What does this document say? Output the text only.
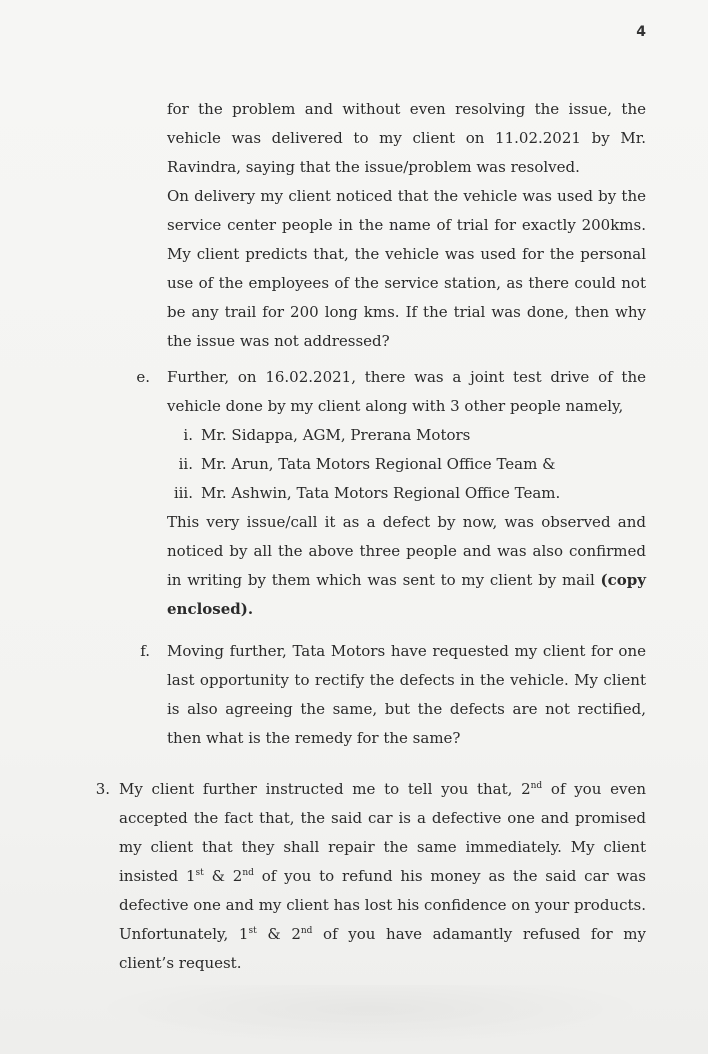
4
for the problem and without even resolving the issue, the
vehicle was delivered to my client on 11.02.2021 by Mr.
Ravindra, saying that the issue/problem was resolved.
On delivery my client noticed that the vehicle was used by the
service center people in the name of trial for exactly 200kms.
My client predicts that, the vehicle was used for the personal
use of the employees of the service station, as there could not
be any trail for 200 long kms. If the trial was done, then why
the issue was not addressed?
e. Further, on 16.02.2021, there was a joint test drive of the
vehicle done by my client along with 3 other people namely,
i. Mr. Sidappa, AGM, Prerana Motors
ii. Mr. Arun, Tata Motors Regional Office Team &
iii. Mr. Ashwin, Tata Motors Regional Office Team.
This very issue/call it as a defect by now, was observed and
noticed by all the above three people and was also confirmed
in writing by them which was sent to my client by mail (copy
enclosed).
f. Moving further, Tata Motors have requested my client for one
last opportunity to rectify the defects in the vehicle. My client
is also agreeing the same, but the defects are not rectified,
then what is the remedy for the same?
3. My client further instructed me to tell you that, 2nd of you even
accepted the fact that, the said car is a defective one and promised
my client that they shall repair the same immediately. My client
insisted 1st & 2nd of you to refund his money as the said car was
defective one and my client has lost his confidence on your products.
Unfortunately, 1st & 2nd of you have adamantly refused for my
client’s request.
